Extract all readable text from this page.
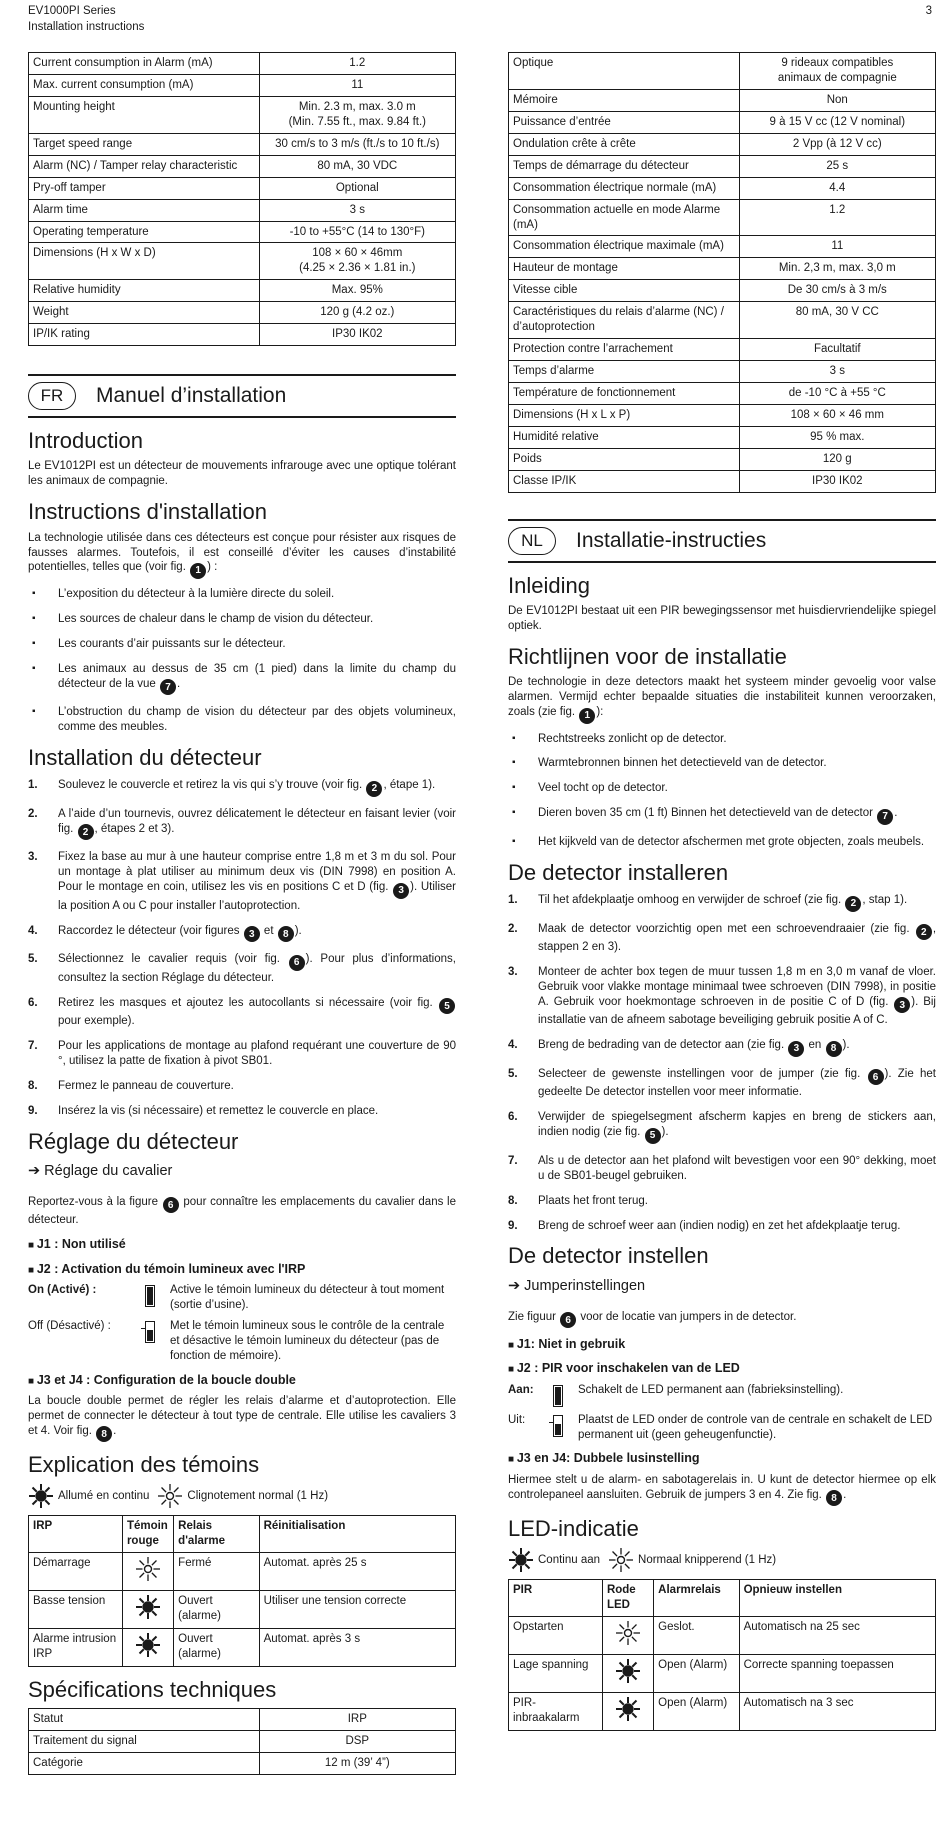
EV1000PI Series
Installation instructions
3
Current consumption in Alarm (mA)	1.2
Max. current consumption (mA)	11
Mounting height	Min. 2.3 m, max. 3.0 m
(Min. 7.55 ft., max. 9.84 ft.)
Target speed range	30 cm/s to 3 m/s (ft./s to 10 ft./s)
Alarm (NC) / Tamper relay characteristic	80 mA, 30 VDC
Pry-off tamper	Optional
Alarm time	3 s
Operating temperature	-10 to +55°C (14 to 130°F)
Dimensions (H x W x D)	108 × 60 × 46mm
(4.25 × 2.36 × 1.81 in.)
Relative humidity	Max. 95%
Weight	120 g (4.2 oz.)
IP/IK rating	IP30 IK02
FR	Manuel d’installation
Introduction

Le EV1012PI est un détecteur de mouvements infrarouge avec une optique tolérant les animaux de compagnie.

Instructions d'installation

La technologie utilisée dans ces détecteurs est conçue pour résister aux risques de fausses alarmes. Toutefois, il est conseillé d’éviter les causes d’instabilité potentielles, telles que (voir fig. 1 ) :

▪ L’exposition du détecteur à la lumière directe du soleil.
▪ Les sources de chaleur dans le champ de vision du détecteur.
▪ Les courants d’air puissants sur le détecteur.
▪ Les animaux au dessus de 35 cm (1 pied) dans la limite du champ du détecteur de la vue 7 .
▪ L’obstruction du champ de vision du détecteur par des objets volumineux, comme des meubles.
Installation du détecteur
1. Soulevez le couvercle et retirez la vis qui s’y trouve (voir fig. 2 , étape 1).
2. A l’aide d’un tournevis, ouvrez délicatement le détecteur en faisant levier (voir fig. 2 , étapes 2 et 3).
3. Fixez la base au mur à une hauteur comprise entre 1,8 m et 3 m du sol. Pour un montage à plat utiliser au minimum deux vis (DIN 7998) en position A. Pour le montage en coin, utilisez les vis en positions C et D (fig. 3 ). Utiliser la position A ou C pour installer l’autoprotection.
4. Raccordez le détecteur (voir figures 3 et 8 ).
5. Sélectionnez le cavalier requis (voir fig. 6 ). Pour plus d’informations, consultez la section Réglage du détecteur.
6. Retirez les masques et ajoutez les autocollants si nécessaire (voir fig. 5 pour exemple).
7. Pour les applications de montage au plafond requérant une couverture de 90 °, utilisez la patte de fixation à pivot SB01.
8. Fermez le panneau de couverture.
9. Insérez la vis (si nécessaire) et remettez le couvercle en place.
Réglage du détecteur
➔ Réglage du cavalier

Reportez-vous à la figure 6 pour connaître les emplacements du cavalier dans le détecteur.

■ J1 : Non utilisé
■ J2 : Activation du témoin lumineux avec l'IRP
On (Activé) :	Active le témoin lumineux du détecteur à tout moment (sortie d’usine).
Off (Désactivé) :	Met le témoin lumineux sous le contrôle de la centrale et désactive le témoin lumineux du détecteur (pas de fonction de mémoire).
■ J3 et J4 : Configuration de la boucle double

La boucle double permet de régler les relais d’alarme et d’autoprotection. Elle permet de connecter le détecteur à tout type de centrale. Elle utilise les cavaliers 3 et 4. Voir fig. 8 .

Explication des témoins
Allumé en continu	Clignotement normal (1 Hz)
IRP	Témoin rouge	Relais d'alarme	Réinitialisation
Démarrage		Fermé	Automat. après 25 s
Basse tension		Ouvert (alarme)	Utiliser une tension correcte
Alarme intrusion IRP		Ouvert (alarme)	Automat. après 3 s
Spécifications techniques
Statut	IRP
Traitement du signal	DSP
Catégorie	12 m (39’ 4”)
Optique	9 rideaux compatibles
animaux de compagnie
Mémoire	Non
Puissance d’entrée	9 à 15 V cc (12 V nominal)
Ondulation crête à crête	2 Vpp (à 12 V cc)
Temps de démarrage du détecteur	25 s
Consommation électrique normale (mA)	4.4
Consommation actuelle en mode Alarme (mA)	1.2
Consommation électrique maximale (mA)	11
Hauteur de montage	Min. 2,3 m, max. 3,0 m
Vitesse cible	De 30 cm/s à 3 m/s
Caractéristiques du relais d’alarme (NC) / d’autoprotection	80 mA, 30 V CC
Protection contre l’arrachement	Facultatif
Temps d’alarme	3 s
Température de fonctionnement	de -10 °C à +55 °C
Dimensions (H x L x P)	108 × 60 × 46 mm
Humidité relative	95 % max.
Poids	120 g
Classe IP/IK	IP30 IK02
NL	Installatie-instructies
Inleiding

De EV1012PI bestaat uit een PIR bewegingssensor met huisdiervriendelijke spiegel optiek.

Richtlijnen voor de installatie

De technologie in deze detectors maakt het systeem minder gevoelig voor valse alarmen. Vermijd echter bepaalde situaties die instabiliteit kunnen veroorzaken, zoals (zie fig. 1 ):

▪ Rechtstreeks zonlicht op de detector.
▪ Warmtebronnen binnen het detectieveld van de detector.
▪ Veel tocht op de detector.
▪ Dieren boven 35 cm (1 ft) Binnen het detectieveld van de detector 7 .
▪ Het kijkveld van de detector afschermen met grote objecten, zoals meubels.
De detector installeren
1. Til het afdekplaatje omhoog en verwijder de schroef (zie fig. 2 , stap 1).
2. Maak de detector voorzichtig open met een schroevendraaier (zie fig. 2 , stappen 2 en 3).
3. Monteer de achter box tegen de muur tussen 1,8 m en 3,0 m vanaf de vloer. Gebruik voor vlakke montage minimaal twee schroeven (DIN 7998), in positie A. Gebruik voor hoekmontage schroeven in de positie C of D (fig. 3 ). Bij installatie van de afneem sabotage beveiliging gebruik positie A of C.
4. Breng de bedrading van de detector aan (zie fig. 3 en 8 ).
5. Selecteer de gewenste instellingen voor de jumper (zie fig. 6 ). Zie het gedeelte De detector instellen voor meer informatie.
6. Verwijder de spiegelsegment afscherm kapjes en breng de stickers aan, indien nodig (zie fig. 5 ).
7. Als u de detector aan het plafond wilt bevestigen voor een 90° dekking, moet u de SB01-beugel gebruiken.
8. Plaats het front terug.
9. Breng de schroef weer aan (indien nodig) en zet het afdekplaatje terug.
De detector instellen
➔ Jumperinstellingen

Zie figuur 6 voor de locatie van jumpers in de detector.

■ J1: Niet in gebruik
■ J2 : PIR voor inschakelen van de LED
Aan:	Schakelt de LED permanent aan (fabrieksinstelling).
Uit:	Plaatst de LED onder de controle van de centrale en schakelt de LED permanent uit (geen geheugenfunctie).
■ J3 en J4: Dubbele lusinstelling

Hiermee stelt u de alarm- en sabotagerelais in. U kunt de detector hiermee op elk controlepaneel aansluiten. Gebruik de jumpers 3 en 4. Zie fig. 8 .

LED-indicatie
Continu aan	Normaal knipperend (1 Hz)
PIR	Rode LED	Alarmrelais	Opnieuw instellen
Opstarten		Geslot.	Automatisch na 25 sec
Lage spanning		Open (Alarm)	Correcte spanning toepassen
PIR-inbraakalarm		Open (Alarm)	Automatisch na 3 sec
